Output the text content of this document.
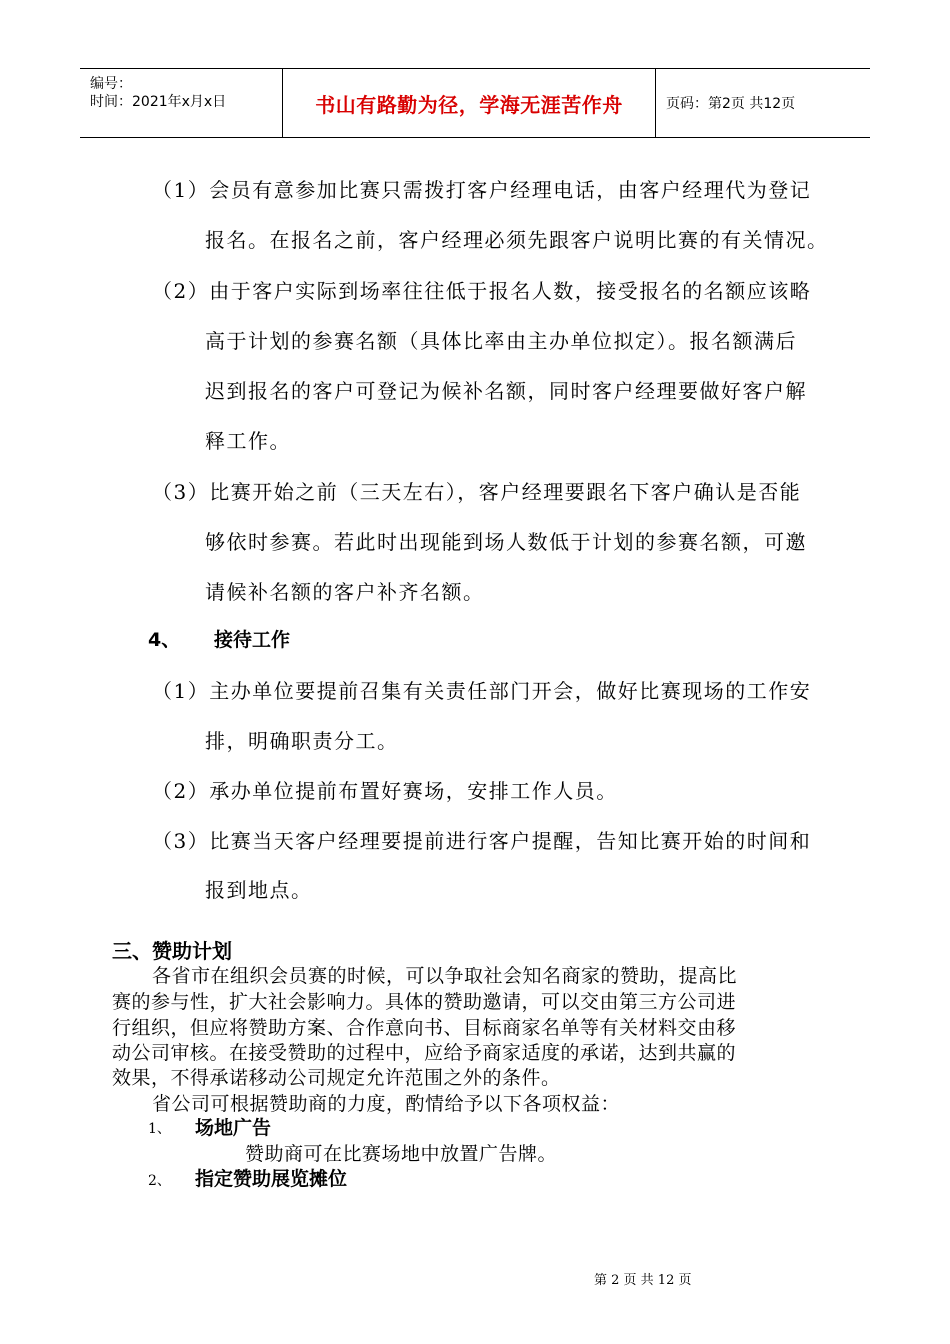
编号：
时间：2021年x月x日	书山有路勤为径，学海无涯苦作舟	页码：第2页 共12页
（1）会员有意参加比赛只需拨打客户经理电话，由客户经理代为登记
报名。在报名之前，客户经理必须先跟客户说明比赛的有关情况。
（2）由于客户实际到场率往往低于报名人数，接受报名的名额应该略
高于计划的参赛名额（具体比率由主办单位拟定）。报名额满后
迟到报名的客户可登记为候补名额，同时客户经理要做好客户解
释工作。
（3）比赛开始之前（三天左右），客户经理要跟名下客户确认是否能
够依时参赛。若此时出现能到场人数低于计划的参赛名额，可邀
请候补名额的客户补齐名额。
4、 接待工作
（1）主办单位要提前召集有关责任部门开会，做好比赛现场的工作安
排，明确职责分工。
（2）承办单位提前布置好赛场，安排工作人员。
（3）比赛当天客户经理要提前进行客户提醒，告知比赛开始的时间和
报到地点。
三、赞助计划
各省市在组织会员赛的时候，可以争取社会知名商家的赞助，提高比
赛的参与性，扩大社会影响力。具体的赞助邀请，可以交由第三方公司进
行组织，但应将赞助方案、合作意向书、目标商家名单等有关材料交由移
动公司审核。在接受赞助的过程中，应给予商家适度的承诺，达到共赢的
效果，不得承诺移动公司规定允许范围之外的条件。
省公司可根据赞助商的力度，酌情给予以下各项权益：
1、 场地广告
赞助商可在比赛场地中放置广告牌。
2、 指定赞助展览摊位
第 2 页 共 12 页
